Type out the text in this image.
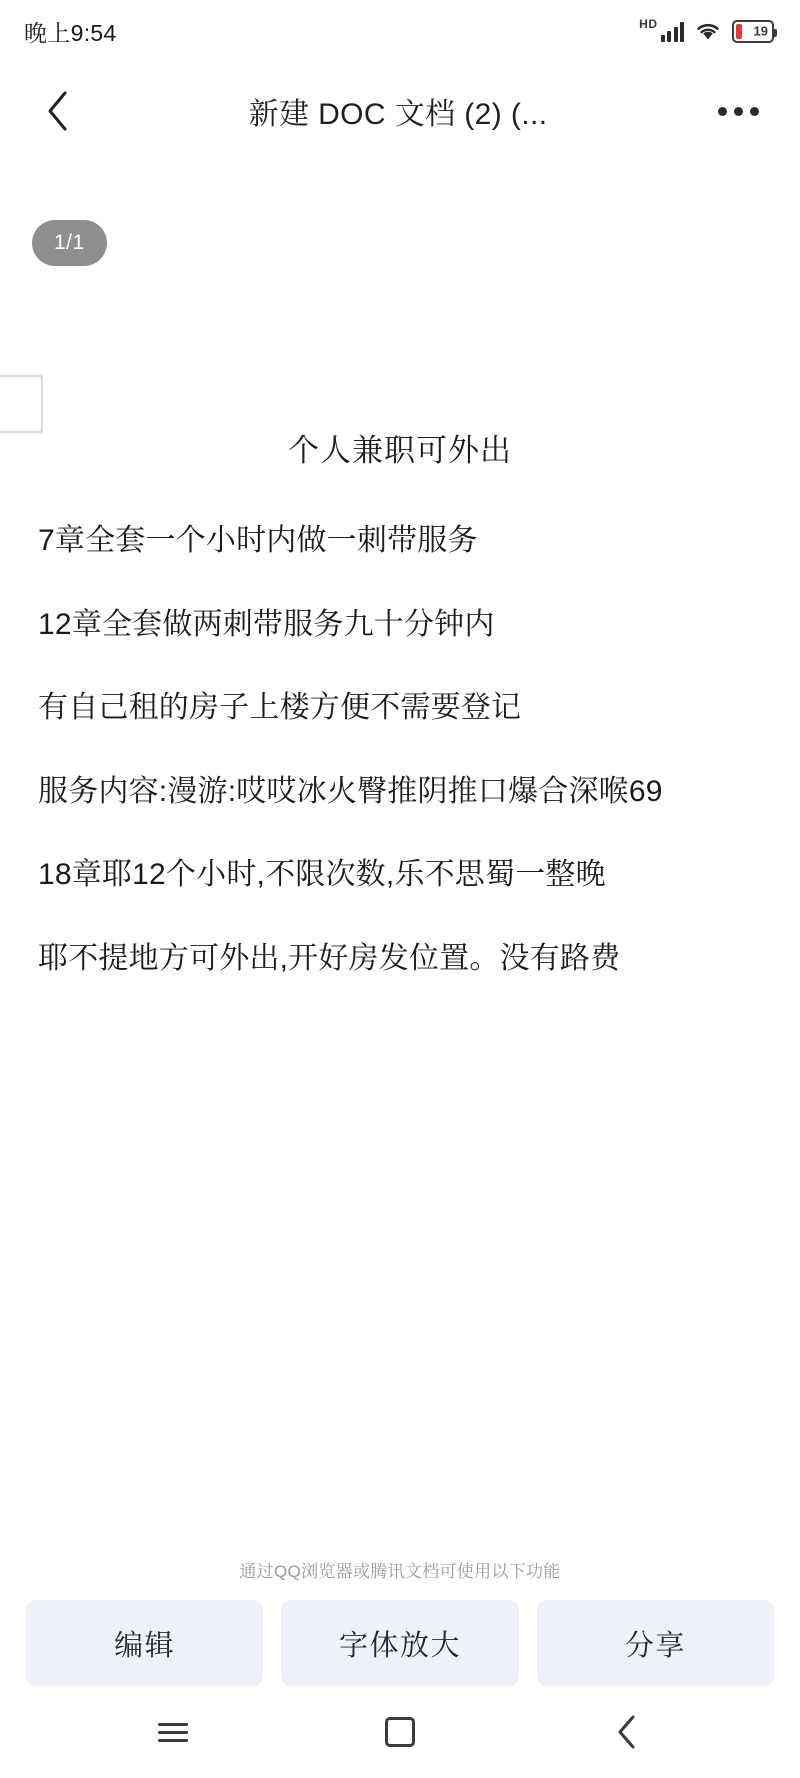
晚上9:54	HD	19
新建 DOC 文档 (2) (...
1/1
个人兼职可外出
7章全套一个小时内做一刺带服务
12章全套做两刺带服务九十分钟内
有自己租的房子上楼方便不需要登记
服务内容:漫游:哎哎冰火臀推阴推口爆合深喉69
18章耶12个小时,不限次数,乐不思蜀一整晚
耶不提地方可外出,开好房发位置。没有路费
通过QQ浏览器或腾讯文档可使用以下功能
编辑	字体放大	分享
